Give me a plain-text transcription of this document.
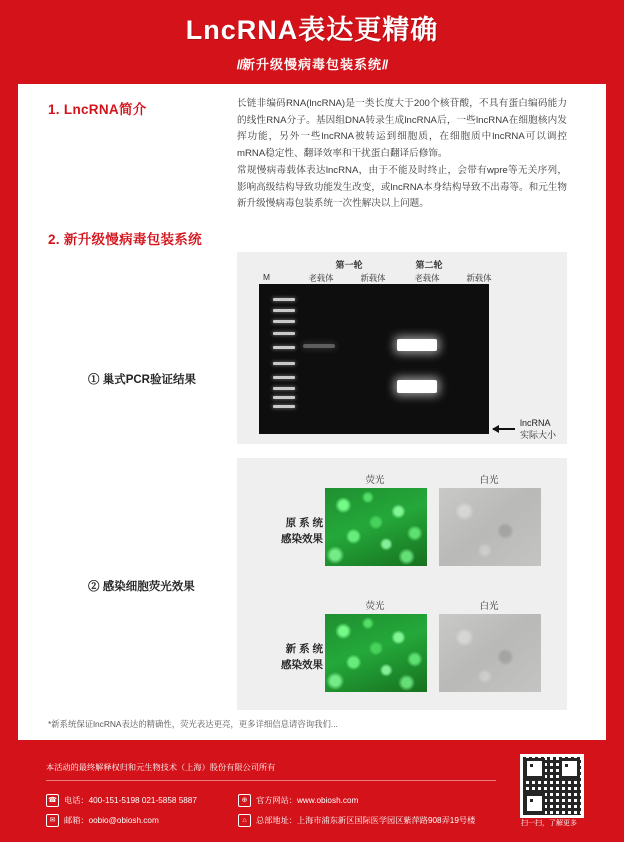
LncRNA表达更精确
//新升级慢病毒包装系统//
1. LncRNA简介	长链非编码RNA(lncRNA)是一类长度大于200个核苷酸，不具有蛋白编码能力的线性RNA分子。基因组DNA转录生成lncRNA后，一些lncRNA在细胞核内发挥功能，另外一些lncRNA被转运到细胞质，在细胞质中lncRNA可以调控mRNA稳定性、翻译效率和干扰蛋白翻译后修饰。
常规慢病毒载体表达lncRNA，由于不能及时终止，会带有wpre等无关序列，影响高级结构导致功能发生改变，或lncRNA本身结构导致不出毒等。和元生物新升级慢病毒包装系统一次性解决以上问题。
2. 新升级慢病毒包装系统
① 巢式PCR验证结果
第一轮	第二轮
老载体	新载体	老载体	新载体
M
lncRNA
实际大小
② 感染细胞荧光效果
荧光	白光
原 系 统
感染效果
荧光	白光
新 系 统
感染效果
*新系统保证lncRNA表达的精确性，荧光表达更亮，更多详细信息请咨询我们...
本活动的最终解释权归和元生物技术（上海）股份有限公司所有
☎ 电话：400-151-5198 021-5858 5887
✉	邮箱：oobio@obiosh.com
⊕	官方网站：www.obiosh.com
⌂	总部地址：上海市浦东新区国际医学园区紫萍路908弄19号楼	扫一扫，了解更多
